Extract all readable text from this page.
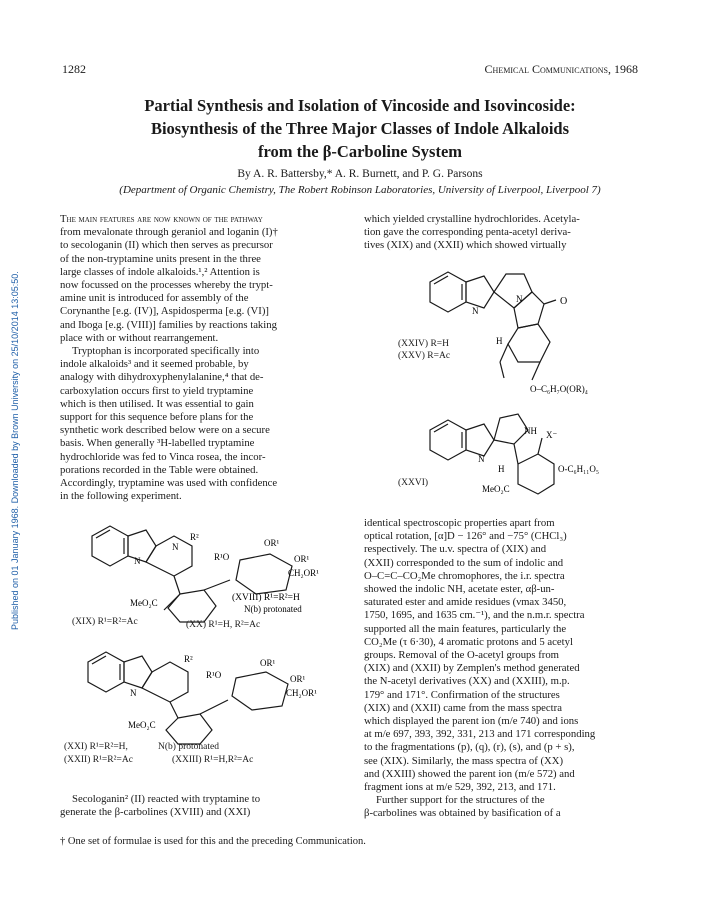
Published on 01 January 1968. Downloaded by Brown University on 25/10/2014 13:05:50.
1282	Chemical Communications, 1968
Partial Synthesis and Isolation of Vincoside and Isovincoside:
Biosynthesis of the Three Major Classes of Indole Alkaloids
from the β-Carboline System
By A. R. Battersby,* A. R. Burnett, and P. G. Parsons
(Department of Organic Chemistry, The Robert Robinson Laboratories, University of Liverpool, Liverpool 7)

The main features are now known of the pathway

from mevalonate through geraniol and loganin (I)†

to secologanin (II) which then serves as precursor

of the non-tryptamine units present in the three

large classes of indole alkaloids.¹,² Attention is

now focussed on the processes whereby the trypt-

amine unit is introduced for assembly of the

Corynanthe [e.g. (IV)], Aspidosperma [e.g. (VI)]

and Iboga [e.g. (VIII)] families by reactions taking

place with or without rearrangement.

Tryptophan is incorporated specifically into

indole alkaloids³ and it seemed probable, by

analogy with dihydroxyphenylalanine,⁴ that de-

carboxylation occurs first to yield tryptamine

which is then utilised. It was essential to gain

support for this sequence before plans for the

synthetic work described below were on a secure

basis. When generally ³H-labelled tryptamine

hydrochloride was fed to Vinca rosea, the incor-

porations recorded in the Table were obtained.

Accordingly, tryptamine was used with confidence

in the following experiment.

R²
N
N
OR¹
R¹O	OR¹
CH₂OR¹
MeO₂C	(XVIII) R¹=R²=H
N(b) protonated
(XIX) R¹=R²=Ac	(XX) R¹=H, R²=Ac
R²
N
OR¹
R¹O	OR¹
CH₂OR¹
MeO₂C
(XXI) R¹=R²=H,	N(b) protonated
(XXII) R¹=R²=Ac	(XXIII) R¹=H,R²=Ac

Secologanin² (II) reacted with tryptamine to

generate the β-carbolines (XVIII) and (XXI)

which yielded crystalline hydrochlorides. Acetyla-

tion gave the corresponding penta-acetyl deriva-

tives (XIX) and (XXII) which showed virtually

O
N
N
H
O–C₆H₇O(OR)₄
(XXIV) R=H
(XXV) R=Ac
X⁻
NH
N
H	O-C₆H₁₁O₅
MeO₂C
(XXVI)

identical spectroscopic properties apart from

optical rotation, [α]D − 126° and −75° (CHCl₃)

respectively. The u.v. spectra of (XIX) and

(XXII) corresponded to the sum of indolic and

O–C=C–CO₂Me chromophores, the i.r. spectra

showed the indolic NH, acetate ester, αβ-un-

saturated ester and amide residues (νmax 3450,

1750, 1695, and 1635 cm.⁻¹), and the n.m.r. spectra

supported all the main features, particularly the

CO₂Me (τ 6·30), 4 aromatic protons and 5 acetyl

groups. Removal of the O-acetyl groups from

(XIX) and (XXII) by Zemplen's method generated

the N-acetyl derivatives (XX) and (XXIII), m.p.

179° and 171°. Confirmation of the structures

(XIX) and (XXII) came from the mass spectra

which displayed the parent ion (m/e 740) and ions

at m/e 697, 393, 392, 331, 213 and 171 corresponding

to the fragmentations (p), (q), (r), (s), and (p + s),

see (XIX). Similarly, the mass spectra of (XX)

and (XXIII) showed the parent ion (m/e 572) and

fragment ions at m/e 529, 392, 213, and 171.

Further support for the structures of the

β-carbolines was obtained by basification of a

† One set of formulae is used for this and the preceding Communication.
